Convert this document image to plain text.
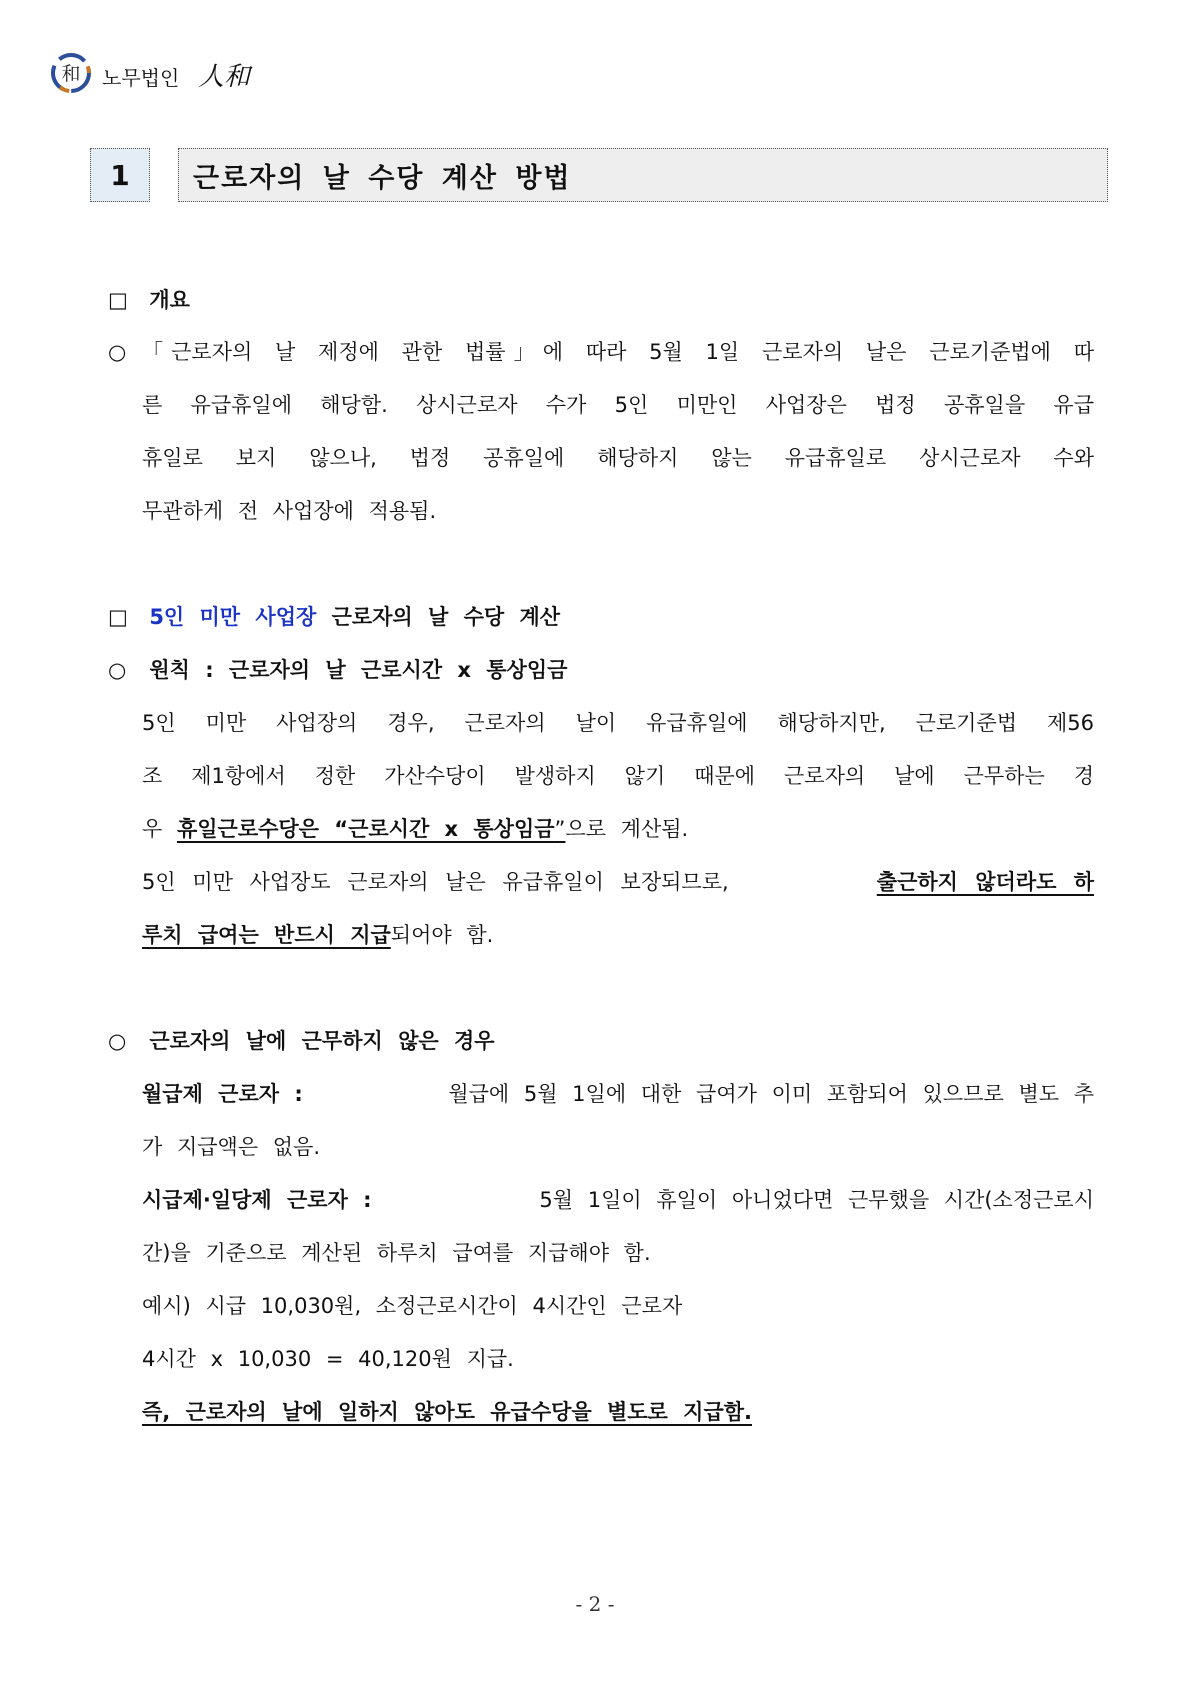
和 노무법인 人和
1	근로자의 날 수당 계산 방법
□ 개요
○ 「근로자의 날 제정에 관한 법률」에 따라 5월 1일 근로자의 날은 근로기준법에 따
른 유급휴일에 해당함. 상시근로자 수가 5인 미만인 사업장은 법정 공휴일을 유급
휴일로 보지 않으나, 법정 공휴일에 해당하지 않는 유급휴일로 상시근로자 수와
무관하게 전 사업장에 적용됨.
□ 5인 미만 사업장 근로자의 날 수당 계산
○ 원칙 : 근로자의 날 근로시간 x 통상임금
5인 미만 사업장의 경우, 근로자의 날이 유급휴일에 해당하지만, 근로기준법 제56
조 제1항에서 정한 가산수당이 발생하지 않기 때문에 근로자의 날에 근무하는 경
우 휴일근로수당은 “근로시간 x 통상임금”으로 계산됨.
5인 미만 사업장도 근로자의 날은 유급휴일이 보장되므로,	출근하지 않더라도 하
루치 급여는 반드시 지급되어야 함.
○ 근로자의 날에 근무하지 않은 경우
월급제 근로자 :	월급에 5월 1일에 대한 급여가 이미 포함되어 있으므로 별도 추
가 지급액은 없음.
시급제·일당제 근로자 :	5월 1일이 휴일이 아니었다면 근무했을 시간(소정근로시
간)을 기준으로 계산된 하루치 급여를 지급해야 함.
예시) 시급 10,030원, 소정근로시간이 4시간인 근로자
4시간 x 10,030 = 40,120원 지급.
즉, 근로자의 날에 일하지 않아도 유급수당을 별도로 지급함.
- 2 -
